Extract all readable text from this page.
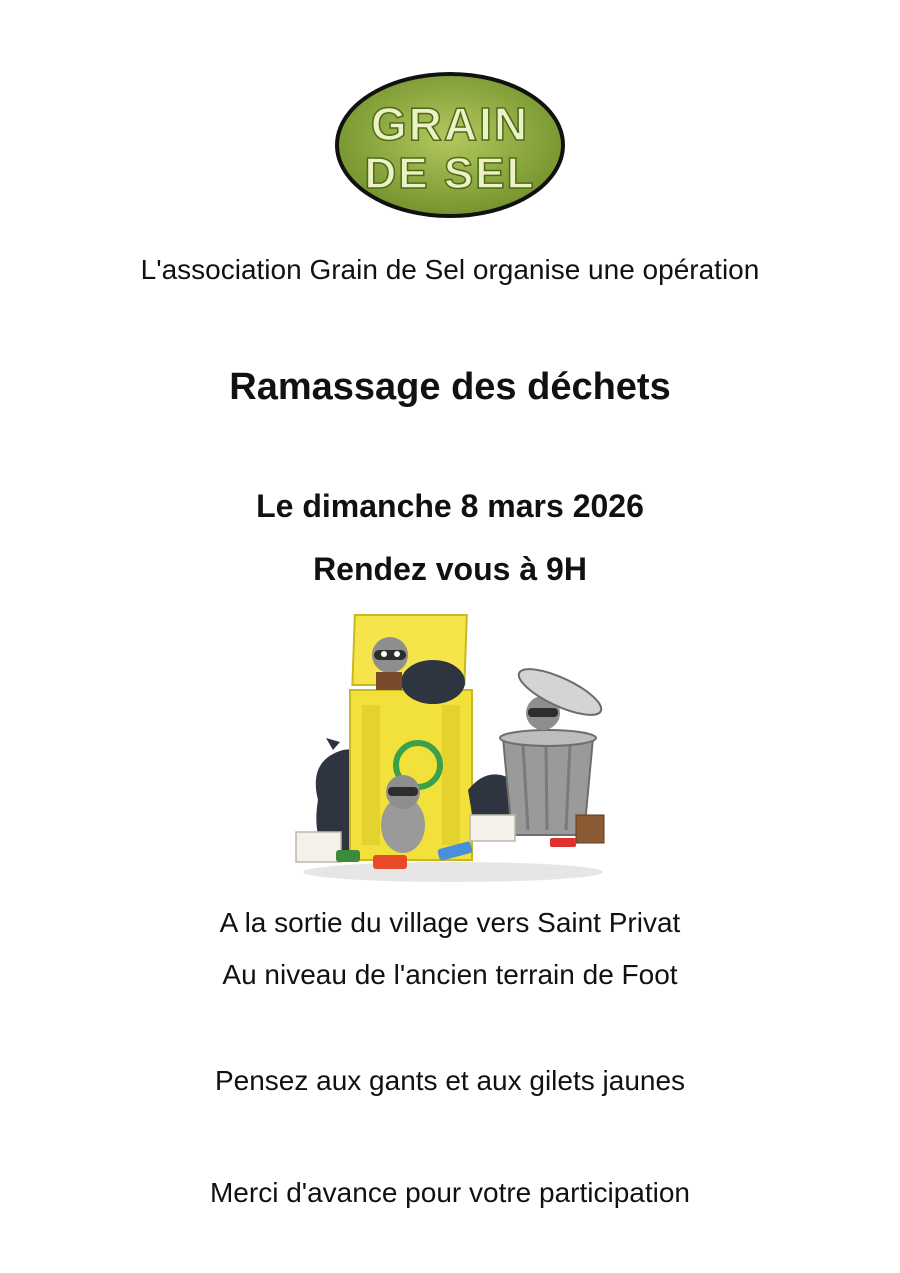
GRAIN
DE SEL
L'association Grain de Sel organise une opération
Ramassage des déchets
Le dimanche 8 mars 2026
Rendez vous à 9H
A la sortie du village vers Saint Privat
Au niveau de l'ancien terrain de Foot
Pensez aux gants et aux gilets jaunes
Merci d'avance pour votre participation
